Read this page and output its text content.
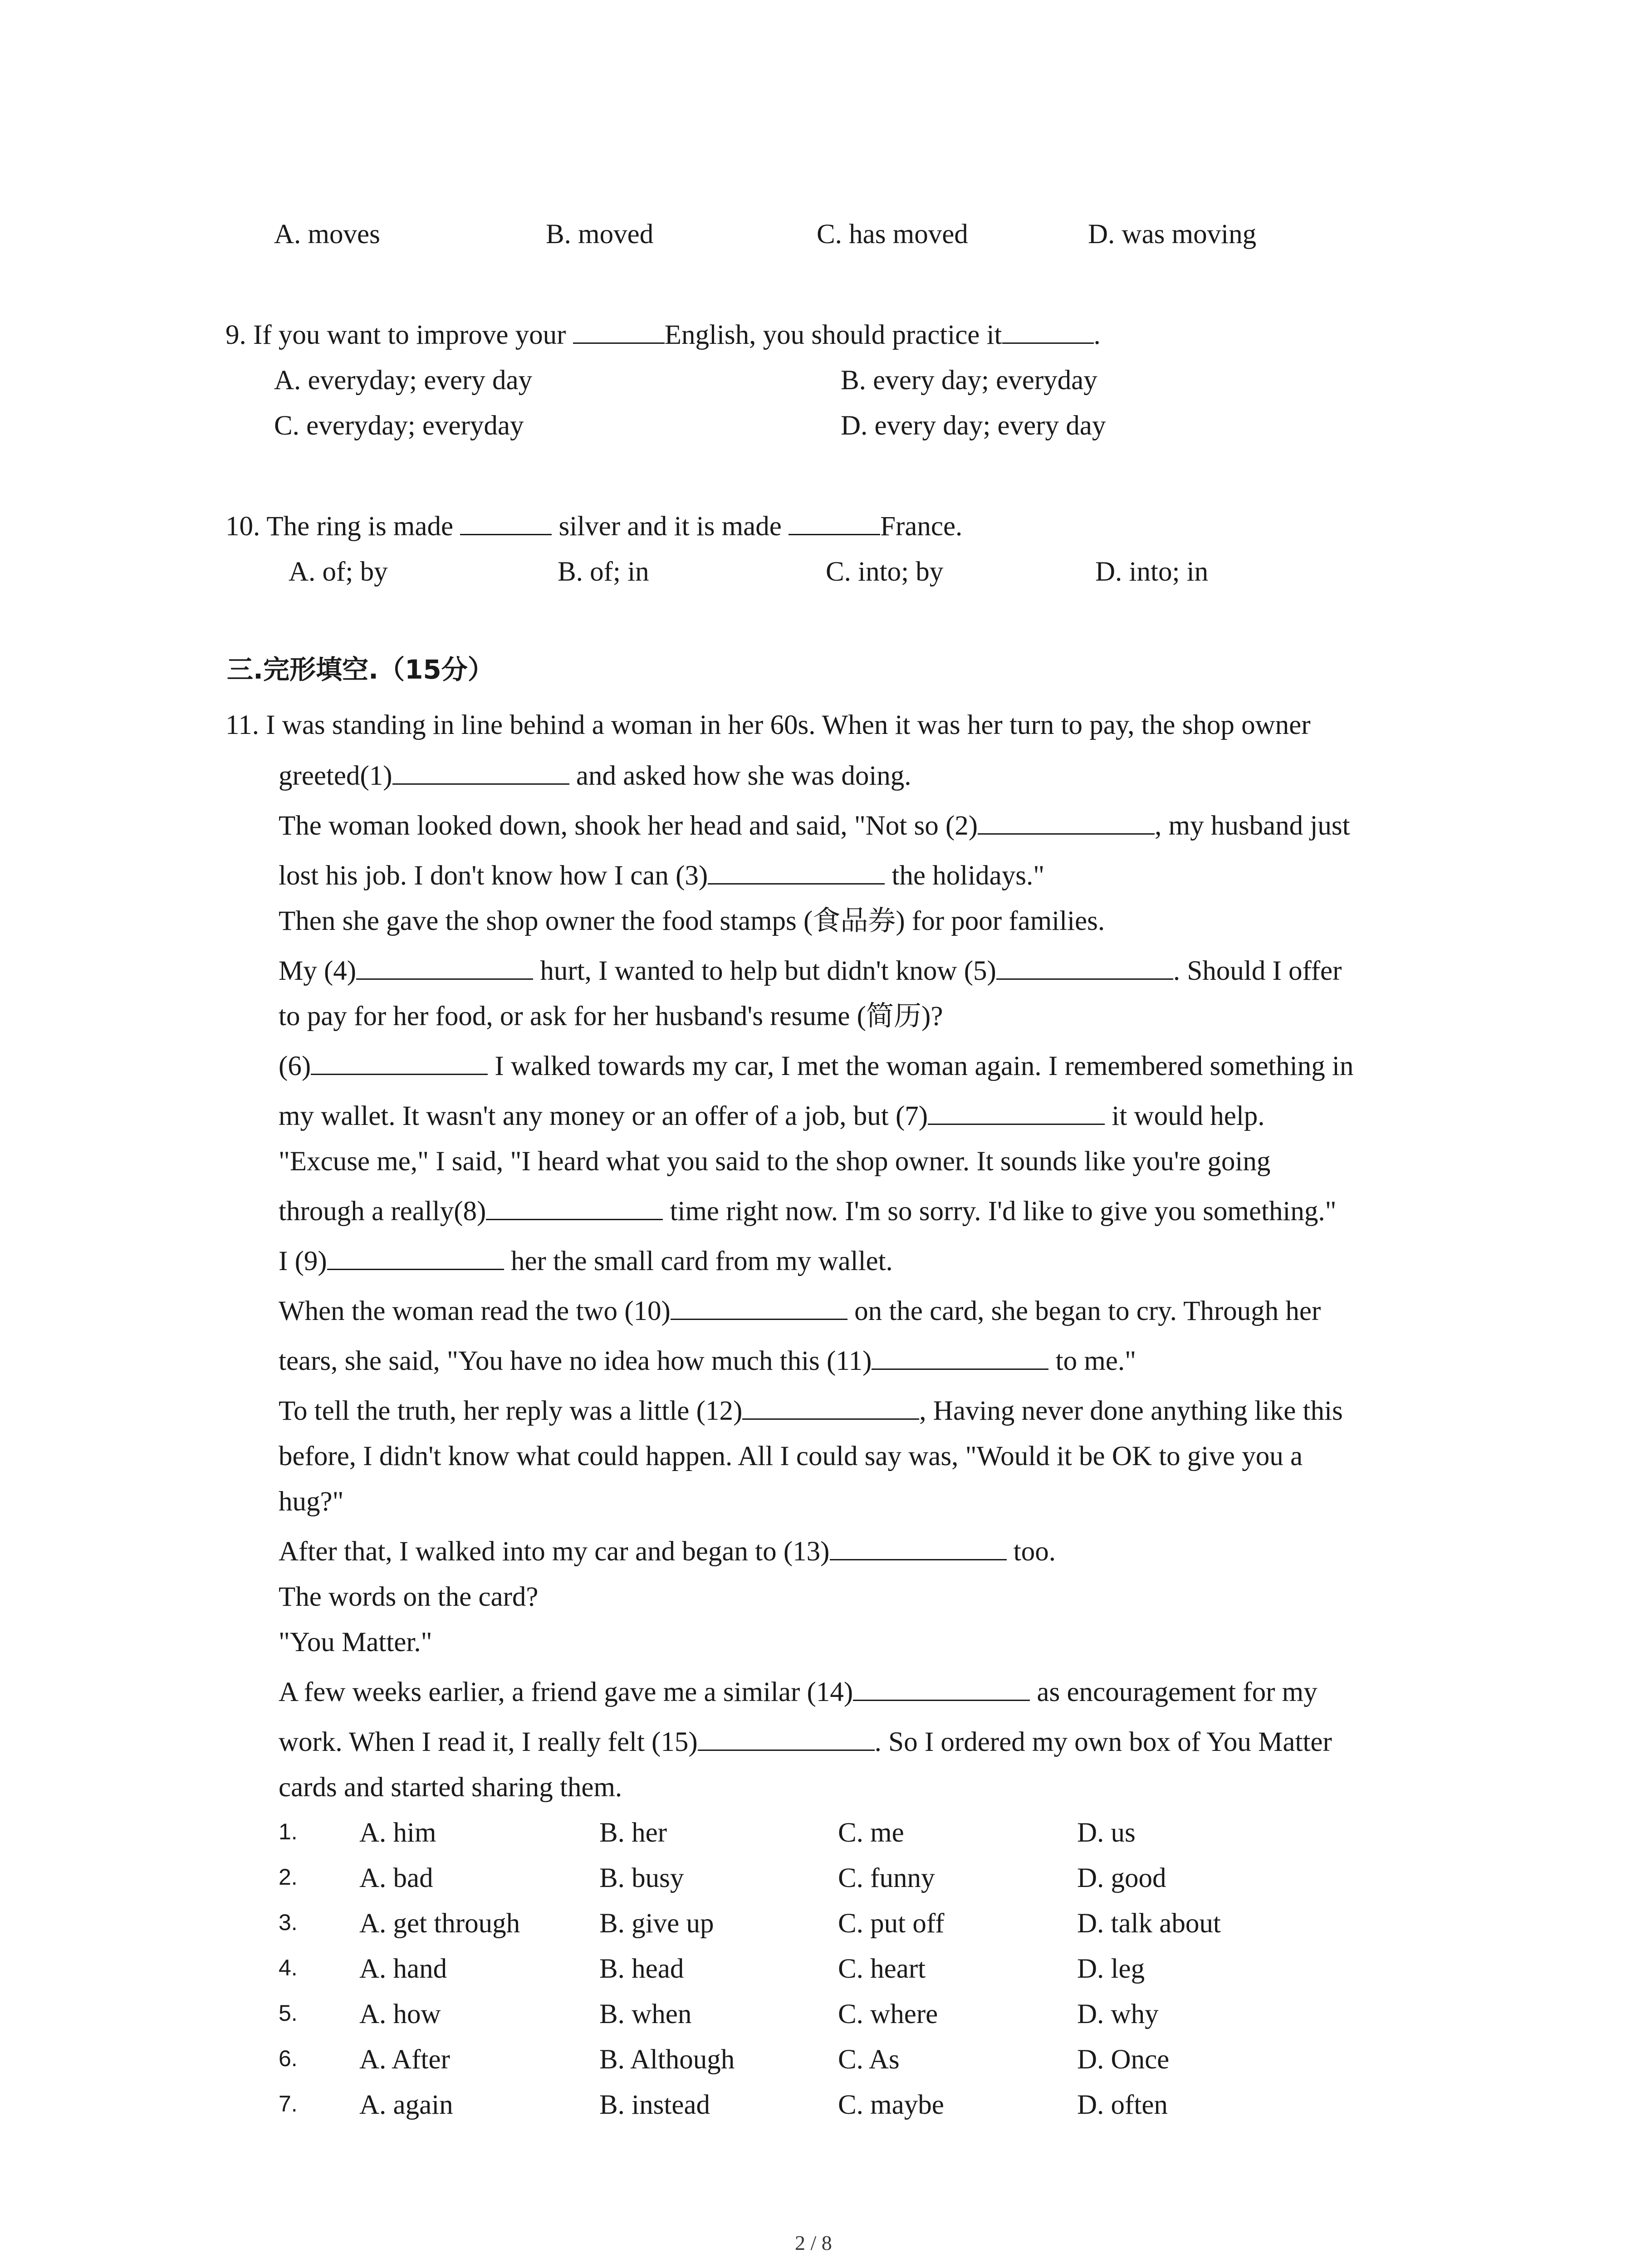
A. moves	B. moved	C. has moved	D. was moving
9. If you want to improve your	English, you should practice it	.
A. everyday; every day	B. every day; everyday
C. everyday; everyday	D. every day; every day
10. The ring is made	silver and it is made	France.
A. of; by	B. of; in	C. into; by	D. into; in
三.完形填空.（15分）
11. I was standing in line behind a woman in her 60s. When it was her turn to pay, the shop owner
greeted(1)	and asked how she was doing.
The woman looked down, shook her head and said, "Not so (2)	, my husband just
lost his job. I don't know how I can (3)	the holidays."
Then she gave the shop owner the food stamps (食品券) for poor families.
My (4)	hurt, I wanted to help but didn't know (5)	. Should I offer
to pay for her food, or ask for her husband's resume (简历)?
(6)	I walked towards my car, I met the woman again. I remembered something in
my wallet. It wasn't any money or an offer of a job, but (7)	it would help.
"Excuse me," I said, "I heard what you said to the shop owner. It sounds like you're going
through a really(8)	time right now. I'm so sorry. I'd like to give you something."
I (9)	her the small card from my wallet.
When the woman read the two (10)	on the card, she began to cry. Through her
tears, she said, "You have no idea how much this (11)	to me."
To tell the truth, her reply was a little (12)	, Having never done anything like this
before, I didn't know what could happen. All I could say was, "Would it be OK to give you a
hug?"
After that, I walked into my car and began to (13)	too.
The words on the card?
"You Matter."
A few weeks earlier, a friend gave me a similar (14)	as encouragement for my
work. When I read it, I really felt (15)	. So I ordered my own box of You Matter
cards and started sharing them.
1. A. him	B. her	C. me	D. us
2. A. bad	B. busy	C. funny	D. good
3. A. get through	B. give up	C. put off	D. talk about
4. A. hand	B. head	C. heart	D. leg
5. A. how	B. when	C. where	D. why
6. A. After	B. Although	C. As	D. Once
7. A. again	B. instead	C. maybe	D. often
2 / 8
